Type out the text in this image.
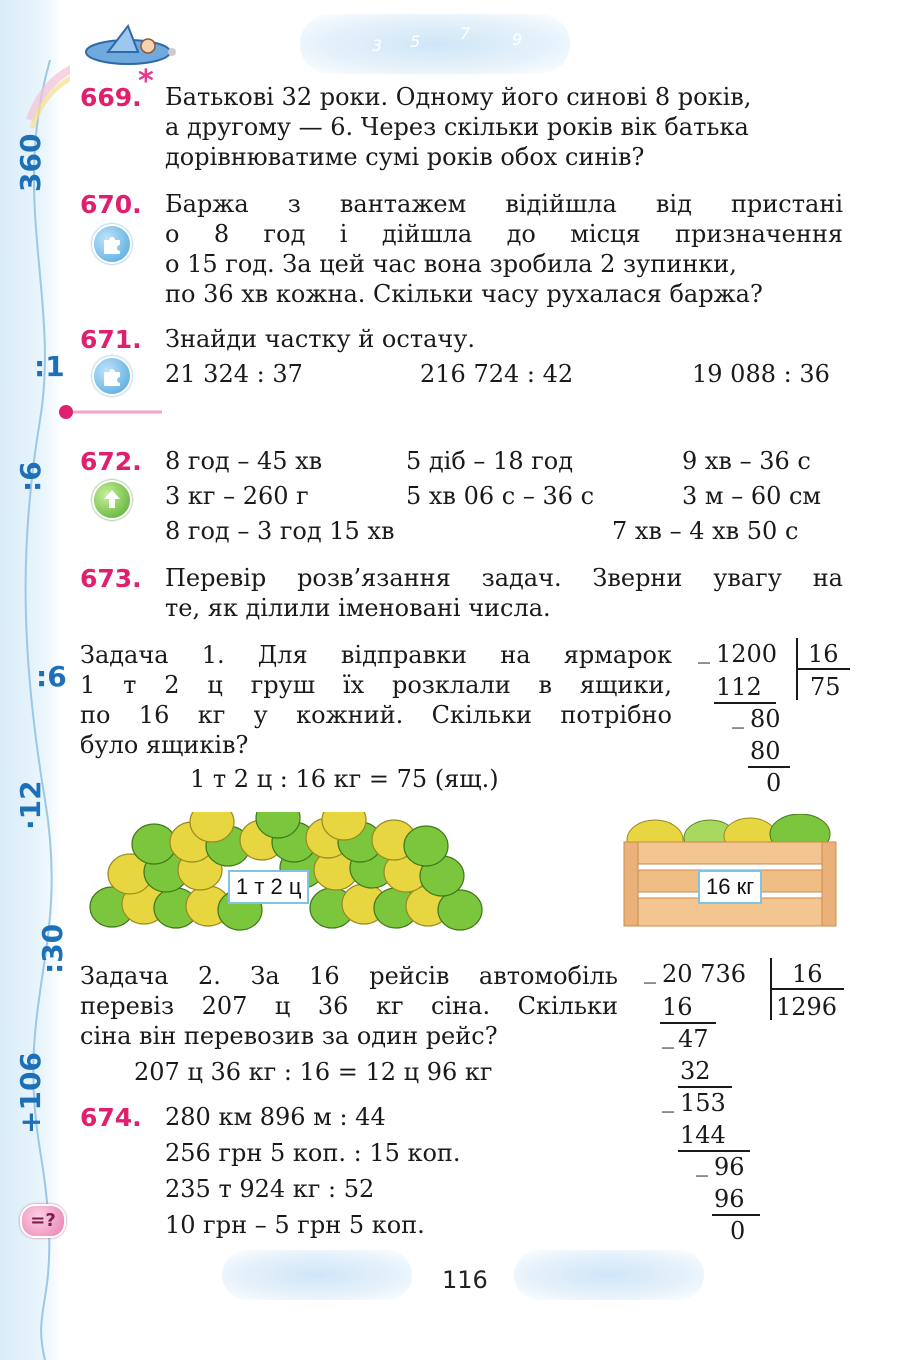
360
:1
:6
:6
·12
:30
+106
=?
3 5 7	9
*
669. Батькові 32 роки. Одному його синові 8 років,
а другому — 6. Через скільки років вік батька
дорівнюватиме сумі років обох синів?
670. Баржа з вантажем відійшла від пристані
о 8 год і дійшла до місця призначення
о 15 год. За цей час вона зробила 2 зупинки,
по 36 хв кожна. Скільки часу рухалася баржа?
671. Знайди частку й остачу.
21 324 : 37	216 724 : 42	19 088 : 36
672. 8 год – 45 хв	5 діб – 18 год	9 хв – 36 с
3 кг – 260 г	5 хв 06 с – 36 с	3 м – 60 см
8 год – 3 год 15 хв	7 хв – 4 хв 50 с
673. Перевір розв’язання задач. Зверни увагу на
те, як ділили іменовані числа.
Задача 1. Для відправки на ярмарок
1 т 2 ц груш їх розклали в ящики,
по 16 кг у кожний. Скільки потрібно
було ящиків?
1 т 2 ц : 16 кг = 75 (ящ.)
_ 1200 16
75
112
_ 80
80
0
1 т 2 ц	16 кг
Задача 2. За 16 рейсів автомобіль
перевіз 207 ц 36 кг сіна. Скільки
сіна він перевозив за один рейс?
207 ц 36 кг : 16 = 12 ц 96 кг
_ 20 736 16
1296
16
_ 47
32
_ 153
144
_ 96
96
0
674. 280 км 896 м : 44
256 грн 5 коп. : 15 коп.
235 т 924 кг : 52
10 грн – 5 грн 5 коп.
116
